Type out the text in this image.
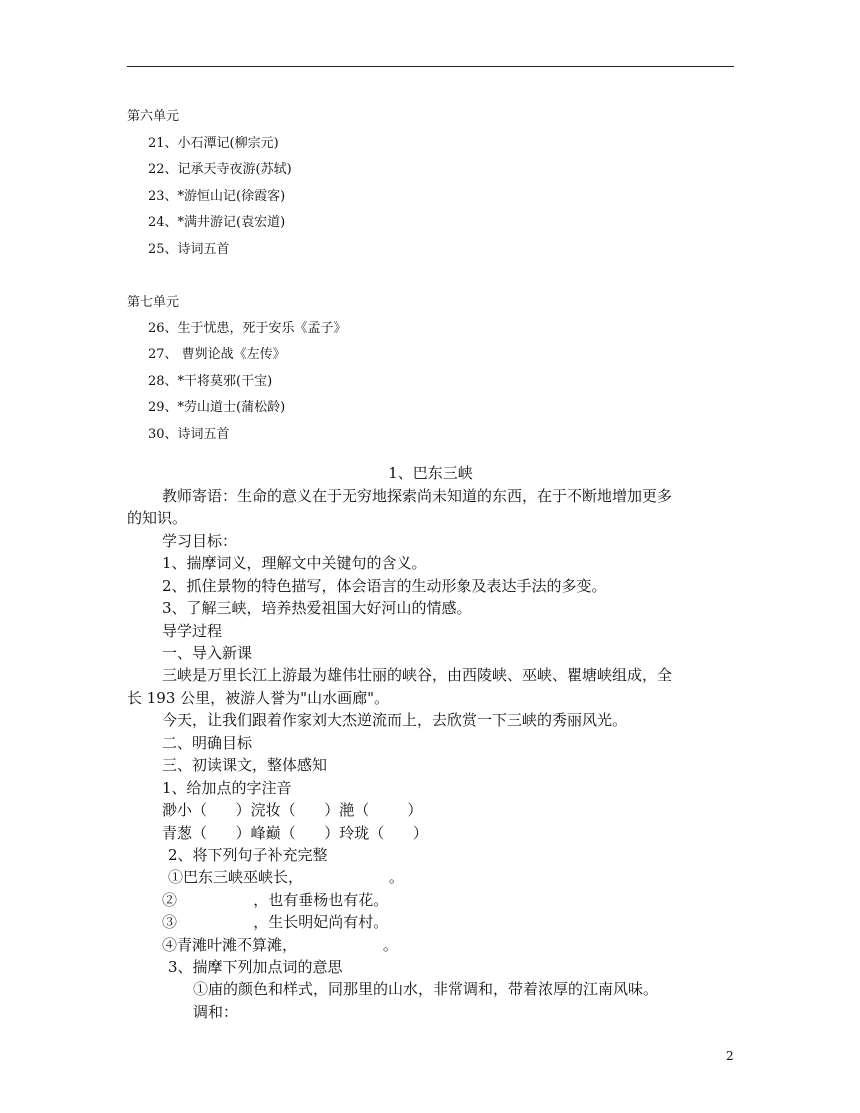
第六单元
21、小石潭记(柳宗元)
22、记承天寺夜游(苏轼)
23、*游恒山记(徐霞客)
24、*满井游记(袁宏道)
25、诗词五首
第七单元
26、生于忧患，死于安乐《孟子》
27、 曹刿论战《左传》
28、*干将莫邪(干宝)
29、*劳山道士(蒲松龄)
30、诗词五首
1、巴东三峡
教师寄语：生命的意义在于无穷地探索尚未知道的东西，在于不断地增加更多
的知识。
学习目标：
1、揣摩词义，理解文中关键句的含义。
2、抓住景物的特色描写，体会语言的生动形象及表达手法的多变。
3、了解三峡，培养热爱祖国大好河山的情感。
导学过程
一、导入新课
三峡是万里长江上游最为雄伟壮丽的峡谷，由西陵峡、巫峡、瞿塘峡组成，全
长 193 公里，被游人誉为"山水画廊"。
今天，让我们跟着作家刘大杰逆流而上，去欣赏一下三峡的秀丽风光。
二、明确目标
三、初读课文，整体感知
1、给加点的字注音
渺小（      ）浣妆（      ）滟（        ）
青葱（      ）峰巅（      ）玲珑（      ）
2、将下列句子补充完整
①巴东三峡巫峡长，                  。
②                ，也有垂杨也有花。
③                ，生长明妃尚有村。
④青滩叶滩不算滩，                  。
3、揣摩下列加点词的意思
①庙的颜色和样式，同那里的山水，非常调和，带着浓厚的江南风味。
调和：
2
